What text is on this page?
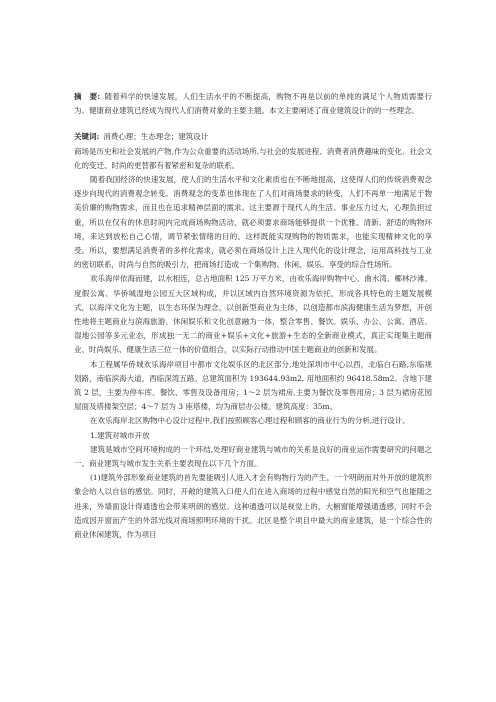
摘　要: 随着科学的快速发展，人们生活水平的不断提高，购物不再是以前的单纯的满足个人物质需要行为。健康商业建筑已经成为现代人们消费对象的主要主题。本文主要阐述了商业建筑设计的的一些理念。

关键词: 消费心理；生态理念；建筑设计

商场是历史和社会发展的产物,作为公众重要的活动场所,与社会的发展进程、消费者消费趣味的变化、社会文化的变迁、时尚的更替都有着紧密和复杂的联系。

随着我国经济的快速发展，使人们的生活水平和文化素质也在不断地提高，这使得人们的传统消费观念逐步向现代的消费观念转变。消费观念的变革也体现在了人们对商场要求的转变，人们不再单一地满足于物美价廉的购物需求，而且也在追求精神层面的需求。这主要源于现代人的生活、事业压力过大，心理负担过重，所以在仅有的休息时间内完成商场购物活动，就必须要求商场能够提供一个优雅、清新、舒适的购物环境，来达到放松自己心情，调节紧张情绪的目的。这样既能实现购物的物质需求，也能实现精神文化的享受。所以，要想满足消费者的多样化需求，就必须在商场设计上注入现代化的设计理念，运用高科技与工业的密切联系，时尚与自然的吸引力，把商场打造成一个集购物、休闲、娱乐、享受的综合性场所。

欢乐海岸依海而建，以水相连，总占地面积 125 万平方米，由欢乐海岸购物中心、曲水湾、椰林沙滩、度假公寓、华侨城湿地公园五大区域构成，并以区域内自然环境资源为依托，形成各具特色的主题发展模式，以海洋文化为主题，以生态环保为理念，以创新型商业为主体，以创造都市滨海健康生活为梦想，开创性地将主题商业与滨海旅游、休闲娱乐和文化创意融为一体，整合零售、餐饮、娱乐、办公、公寓、酒店、湿地公园等多元业态，形成独一无二的商业+娱乐+文化+旅游+生态的全新商业模式，真正实现集主题商业、时尚娱乐、健康生活三位一体的价值组合，以实际行动推动中国主题商业的创新和发展。

本工程属华侨城欢乐海岸项目中都市文化娱乐区的北区部分,地处深圳市中心以西，北临白石路,东临规划路，南临滨海大道，西临深湾五路。总建筑面积为 193644.93m2, 用地面积约 96418.58m2。含地下建筑 2 层，主要为停车库、餐饮、零售及设备用房；1～2 层为裙房,主要为餐饮及零售用房；3 层为裙房花园屋面及塔楼架空层；4～7 层为 3 座塔楼，均为商层办公楼。建筑高度：35m。

在欢乐海岸北区购物中心设计过程中,我们按照顾客心理过程和顾客的商业行为的分析,进行设计。

1.建筑对城市开放

建筑是城市空间环境构成的一个环结,处理好商业建筑与城市的关系是良好的商业运作需要研究的问题之一。商业建筑与城市发生关系主要表现在以下几个方面。

(1)建筑外部形象商业建筑的首先要能吸引人进入才会有购物行为的产生，一个明朗而对外开放的建筑形象会给人以自信的感觉。同时，开敞的建筑入口使人们在进入商场的过程中感觉自然的阳光和空气也能随之进来，外墙面设计得通透也会带来明朗的感觉。这种通透可以是视觉上的，大橱窗能增强通透感，同时不会造成因开窗而产生的外部光线对商场照明环境的干扰。北区是整个项目中最大的商业建筑，是一个综合性的商业休闲建筑，作为项目
